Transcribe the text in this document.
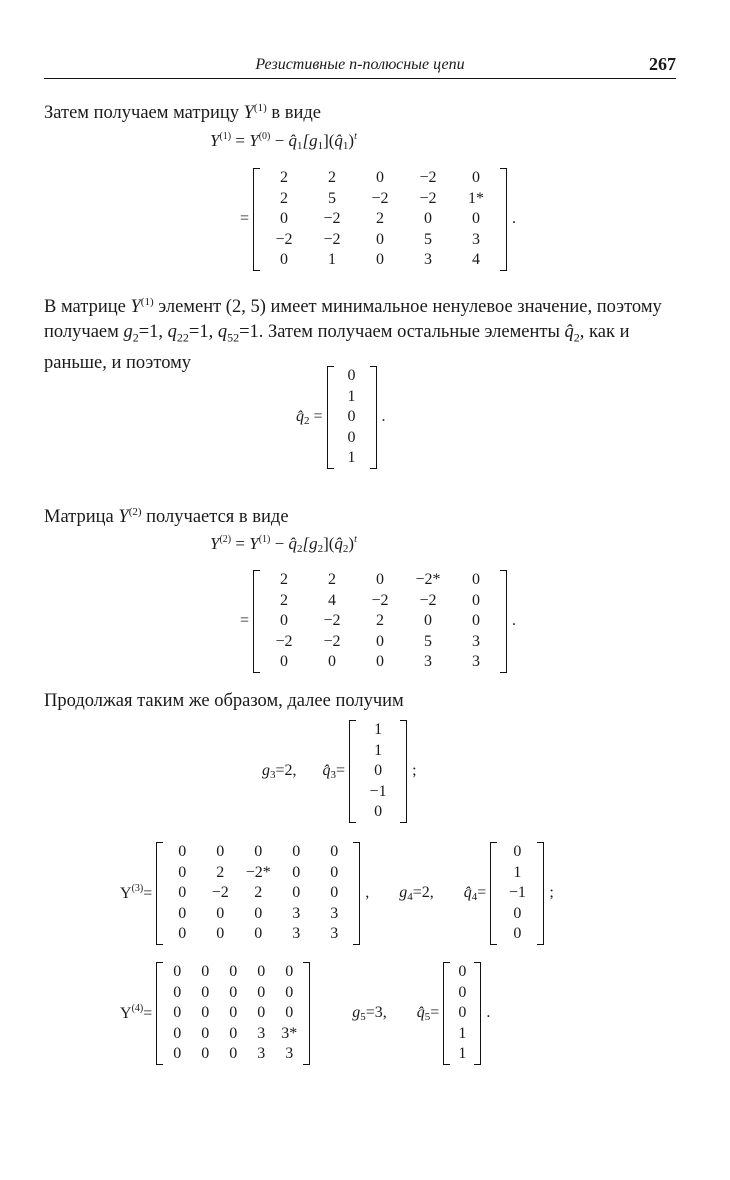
Резистивные n-полюсные цепи	267
Затем получаем матрицу $Y^{(1)}$ в виде
$Y^{(1)} = Y^{(0)}$ − $q̂_1[g_1](q̂_1)^t$
=
2	2	0	−2	0
2	5	−2	−2	1*
0	−2	2	0	0
−2	−2	0	5	3
0	1	0	3	4
.
В матрице $Y^{(1)}$ элемент (2, 5) имеет минимальное ненулевое значение, поэтому получаем $g_2=1$, $q_{22}=1$, $q_{52}=1$. Затем получаем остальные элементы $q̂_2$, как и раньше, и поэтому
$q̂_2$ =
0
1
0
0
1
.
Матрица $Y^{(2)}$ получается в виде
$Y^{(2)} = Y^{(1)}$ − $q̂_2[g_2](q̂_2)^t$
=
2	2	0	−2*	0
2	4	−2	−2	0
0	−2	2	0	0
−2	−2	0	5	3
0	0	0	3	3
.
Продолжая таким же образом, далее получим
$g_3=2$, $q̂_3=$
1
1
0
−1
0
;
$Y^{(3)}=$
0	0	0	0	0
0	2	−2*	0	0
0	−2	2	0	0
0	0	0	3	3
0	0	0	3	3
, $g_4=2$, $q̂_4=$
0
1
−1
0
0
;
$Y^{(4)}=$
0	0	0	0	0
0	0	0	0	0
0	0	0	0	0
0	0	0	3	3*
0	0	0	3	3
$g_5=3$, $q̂_5=$
0
0
0
1
1
.
